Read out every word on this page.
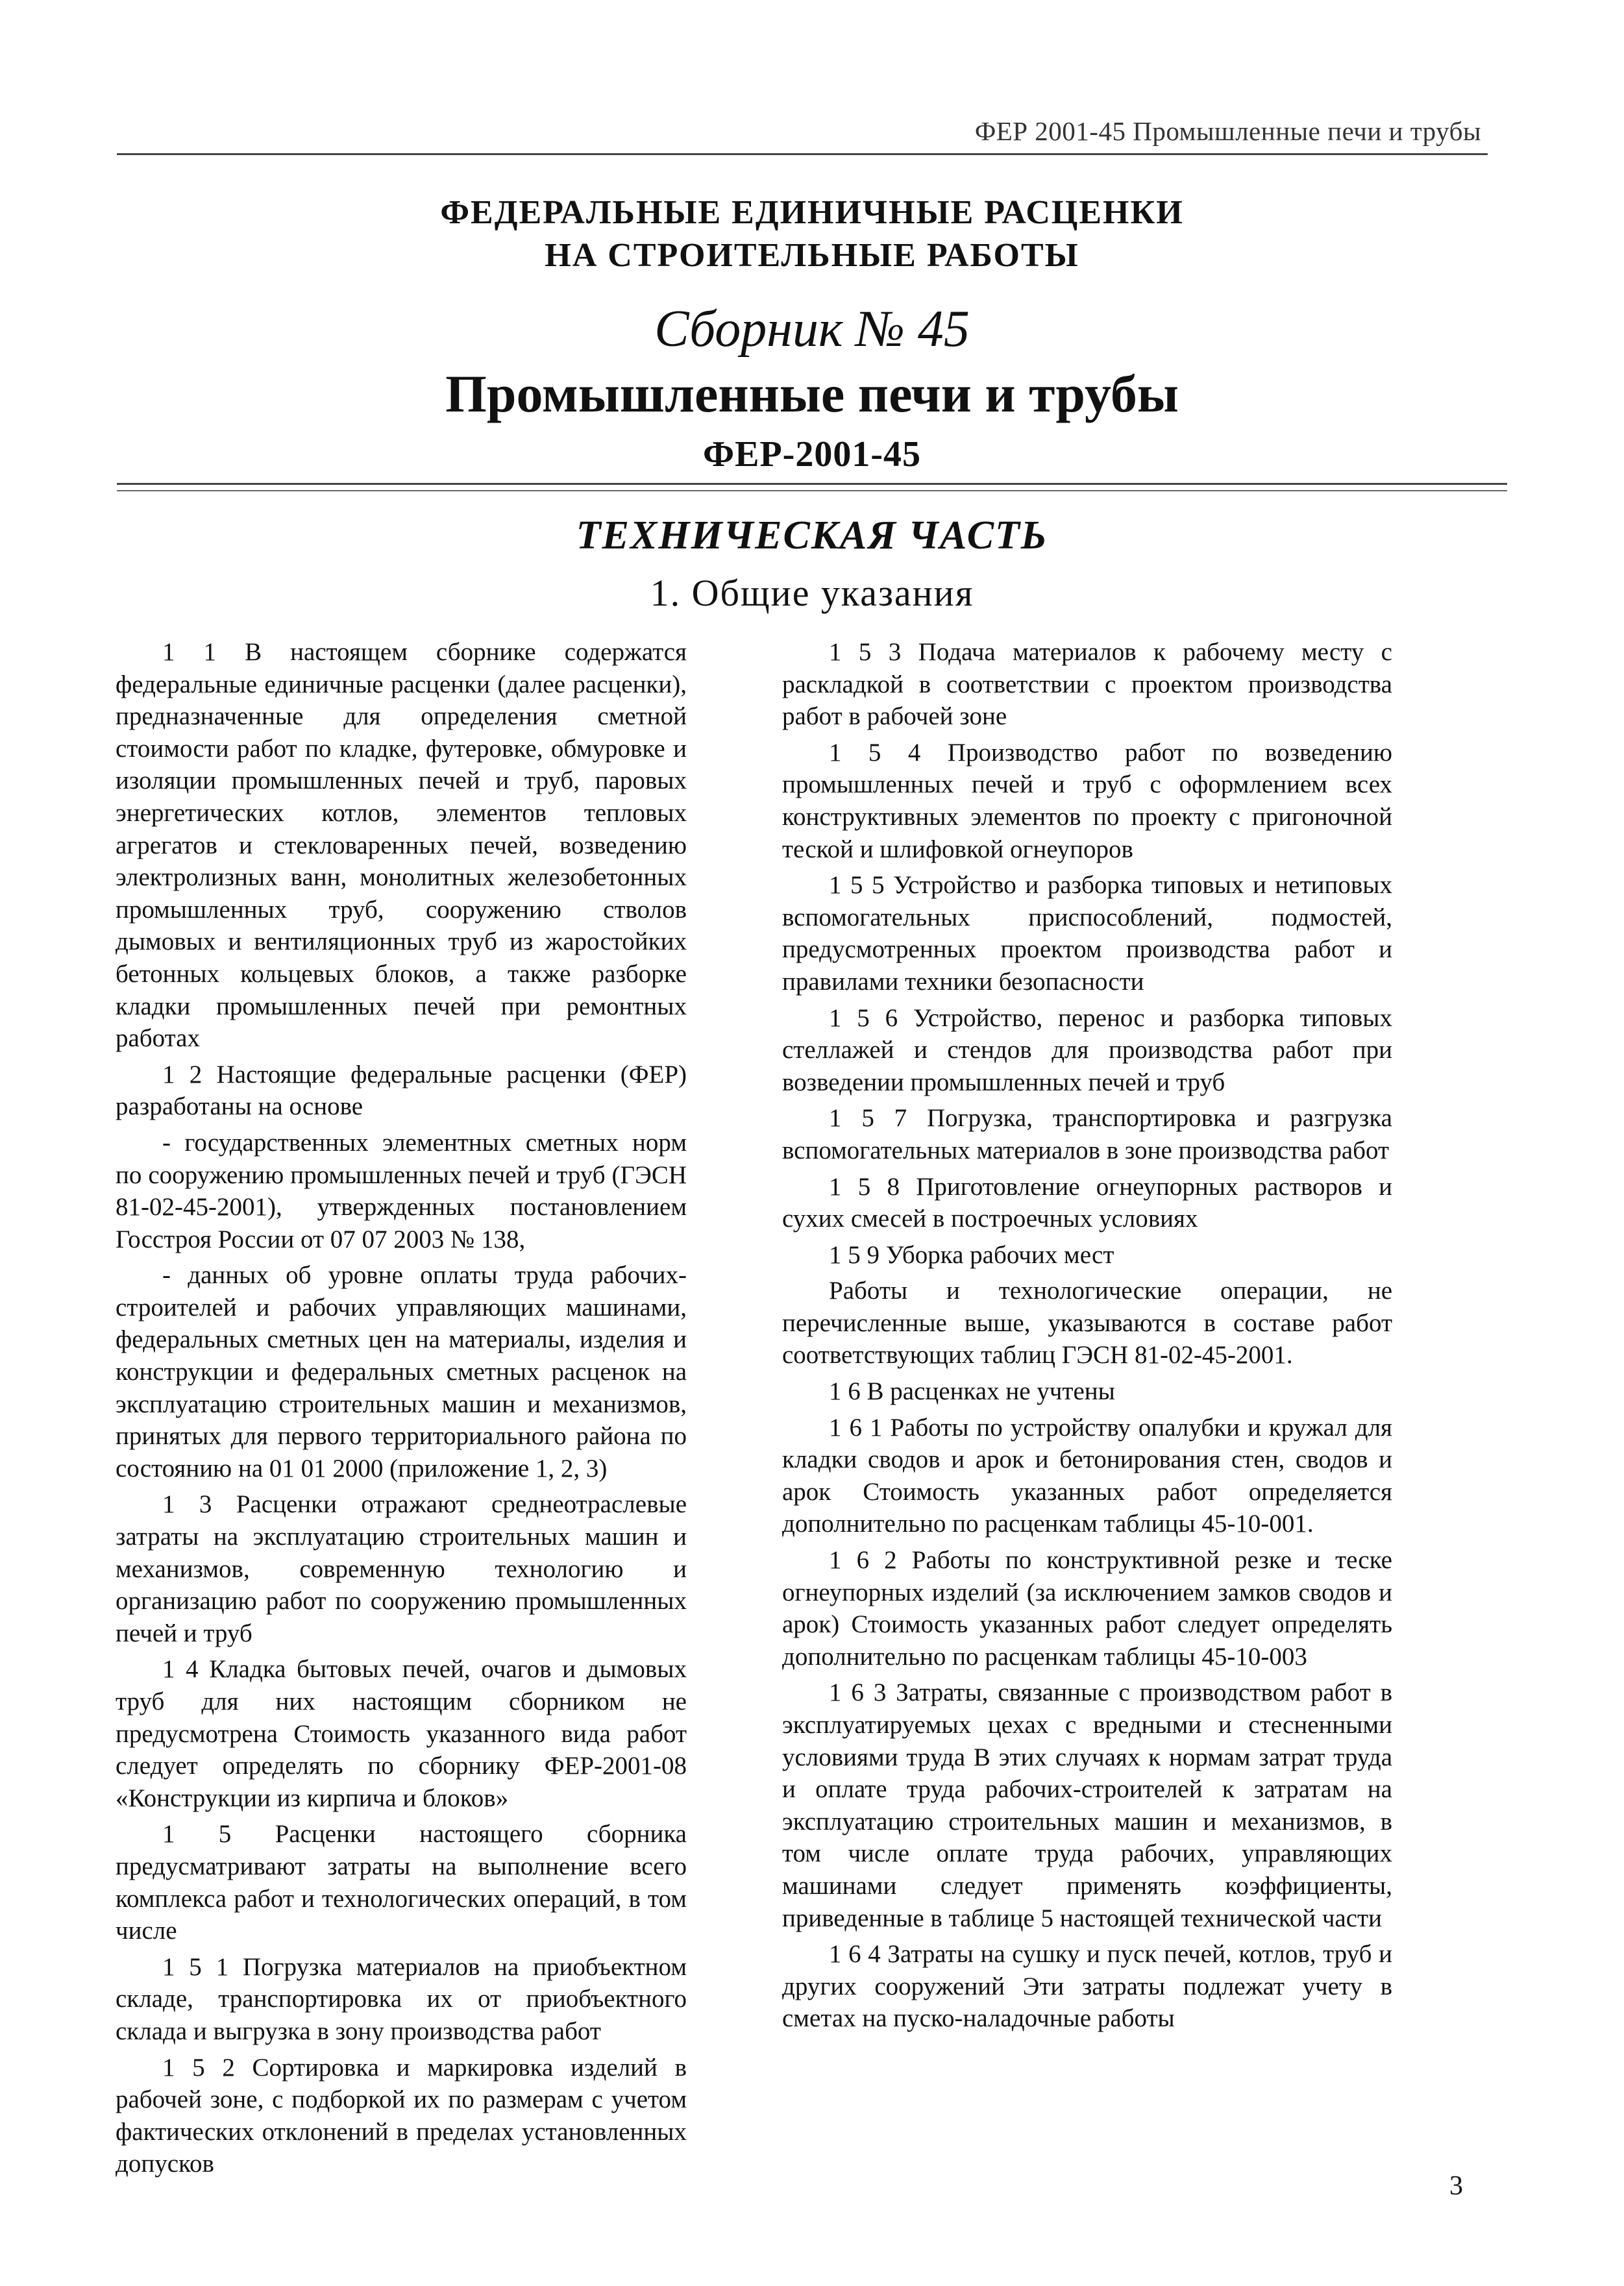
ФЕР 2001-45 Промышленные печи и трубы
ФЕДЕРАЛЬНЫЕ ЕДИНИЧНЫЕ РАСЦЕНКИ
НА СТРОИТЕЛЬНЫЕ РАБОТЫ
Сборник № 45
Промышленные печи и трубы
ФЕР-2001-45
ТЕХНИЧЕСКАЯ ЧАСТЬ
1. Общие указания

1 1 В настоящем сборнике содержатся федеральные единичные расценки (далее расценки), предназначенные для определения сметной стоимости работ по кладке, футеровке, обмуровке и изоляции промышленных печей и труб, паровых энергетических котлов, элементов тепловых агрегатов и стекловаренных печей, возведению электролизных ванн, монолитных железобетонных промышленных труб, сооружению стволов дымовых и вентиляционных труб из жаростойких бетонных кольцевых блоков, а также разборке кладки промышленных печей при ремонтных работах

1 2 Настоящие федеральные расценки (ФЕР) разработаны на основе

- государственных элементных сметных норм по сооружению промышленных печей и труб (ГЭСН 81-02-45-2001), утвержденных постановлением Госстроя России от 07 07 2003 № 138,

- данных об уровне оплаты труда рабочих-строителей и рабочих управляющих машинами, федеральных сметных цен на материалы, изделия и конструкции и федеральных сметных расценок на эксплуатацию строительных машин и механизмов, принятых для первого территориального района по состоянию на 01 01 2000 (приложение 1, 2, 3)

1 3 Расценки отражают среднеотраслевые затраты на эксплуатацию строительных машин и механизмов, современную технологию и организацию работ по сооружению промышленных печей и труб

1 4 Кладка бытовых печей, очагов и дымовых труб для них настоящим сборником не предусмотрена Стоимость указанного вида работ следует определять по сборнику ФЕР-2001-08 «Конструкции из кирпича и блоков»

1 5 Расценки настоящего сборника предусматривают затраты на выполнение всего комплекса работ и технологических операций, в том числе

1 5 1 Погрузка материалов на приобъектном складе, транспортировка их от приобъектного склада и выгрузка в зону производства работ

1 5 2 Сортировка и маркировка изделий в рабочей зоне, с подборкой их по размерам с учетом фактических отклонений в пределах установленных допусков

1 5 3 Подача материалов к рабочему месту с раскладкой в соответствии с проектом производства работ в рабочей зоне

1 5 4 Производство работ по возведению промышленных печей и труб с оформлением всех конструктивных элементов по проекту с пригоночной теской и шлифовкой огнеупоров

1 5 5 Устройство и разборка типовых и нетиповых вспомогательных приспособлений, подмостей, предусмотренных проектом производства работ и правилами техники безопасности

1 5 6 Устройство, перенос и разборка типовых стеллажей и стендов для производства работ при возведении промышленных печей и труб

1 5 7 Погрузка, транспортировка и разгрузка вспомогательных материалов в зоне производства работ

1 5 8 Приготовление огнеупорных растворов и сухих смесей в построечных условиях

1 5 9 Уборка рабочих мест

Работы и технологические операции, не перечисленные выше, указываются в составе работ соответствующих таблиц ГЭСН 81-02-45-2001.

1 6 В расценках не учтены

1 6 1 Работы по устройству опалубки и кружал для кладки сводов и арок и бетонирования стен, сводов и арок Стоимость указанных работ определяется дополнительно по расценкам таблицы 45-10-001.

1 6 2 Работы по конструктивной резке и теске огнеупорных изделий (за исключением замков сводов и арок) Стоимость указанных работ следует определять дополнительно по расценкам таблицы 45-10-003

1 6 3 Затраты, связанные с производством работ в эксплуатируемых цехах с вредными и стесненными условиями труда В этих случаях к нормам затрат труда и оплате труда рабочих-строителей к затратам на эксплуатацию строительных машин и механизмов, в том числе оплате труда рабочих, управляющих машинами следует применять коэффициенты, приведенные в таблице 5 настоящей технической части

1 6 4 Затраты на сушку и пуск печей, котлов, труб и других сооружений Эти затраты подлежат учету в сметах на пуско-наладочные работы

3
